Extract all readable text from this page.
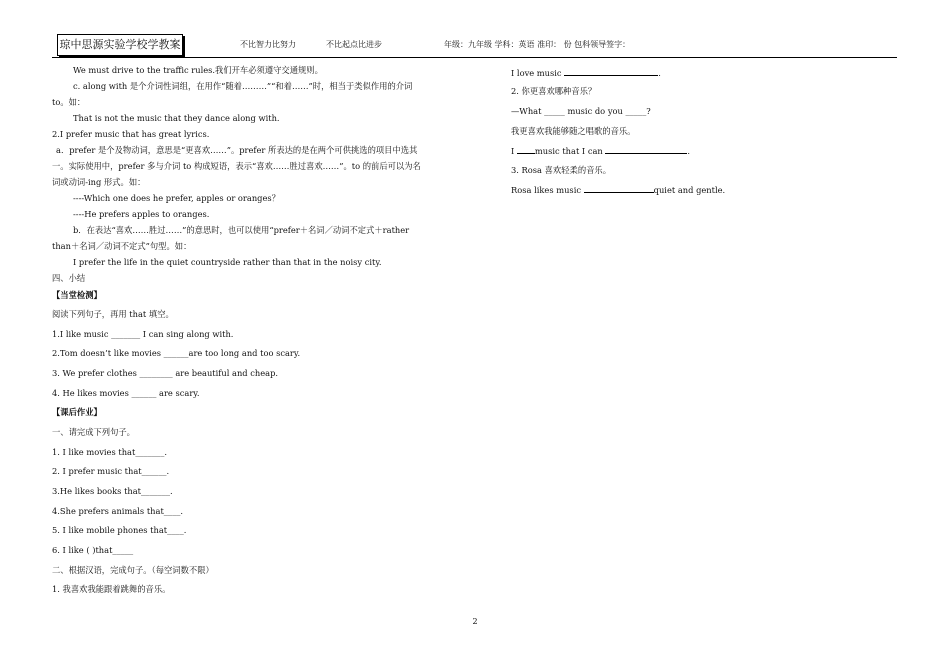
琼中思源实验学校学教案	不比智力比努力	不比起点比进步	年级：九年级 学科：英语 准印： 份 包科领导签字：
We must drive to the traffic rules.我们开车必须遵守交通规则。
c. along with 是个介词性词组，在用作“随着………”“和着……”时，相当于类似作用的介词
to。如：
That is not the music that they dance along with.
2.I prefer music that has great lyrics.
a．prefer 是个及物动词，意思是“更喜欢……”。prefer 所表达的是在两个可供挑选的项目中选其
一。实际使用中，prefer 多与介词 to 构成短语，表示“喜欢……胜过喜欢……”。to 的前后可以为名
词或动词-ing 形式。如：
----Which one does he prefer, apples or oranges？
----He prefers apples to oranges.
b．在表达“喜欢……胜过……”的意思时，也可以使用“prefer＋名词／动词不定式＋rather
than＋名词／动词不定式”句型。如：
I prefer the life in the quiet countryside rather than that in the noisy city.
四、小结
【当堂检测】
阅读下列句子，再用 that 填空。
1.I like music _______ I can sing along with.
2.Tom doesn’t like movies ______are too long and too scary.
3. We prefer clothes ________ are beautiful and cheap.
4. He likes movies ______ are scary.
【课后作业】
一、请完成下列句子。
1. I like movies that_______.
2. I prefer music that______.
3.He likes books that_______.
4.She prefers animals that____.
5. I like mobile phones that____.
6. I like ( )that_____
二、根据汉语，完成句子。（每空词数不限）
1. 我喜欢我能跟着跳舞的音乐。
I love music	.
2. 你更喜欢哪种音乐？
—What _____ music do you _____?
我更喜欢我能够随之唱歌的音乐。
I music that I can	.
3. Rosa 喜欢轻柔的音乐。
Rosa likes music	quiet and gentle.
2
